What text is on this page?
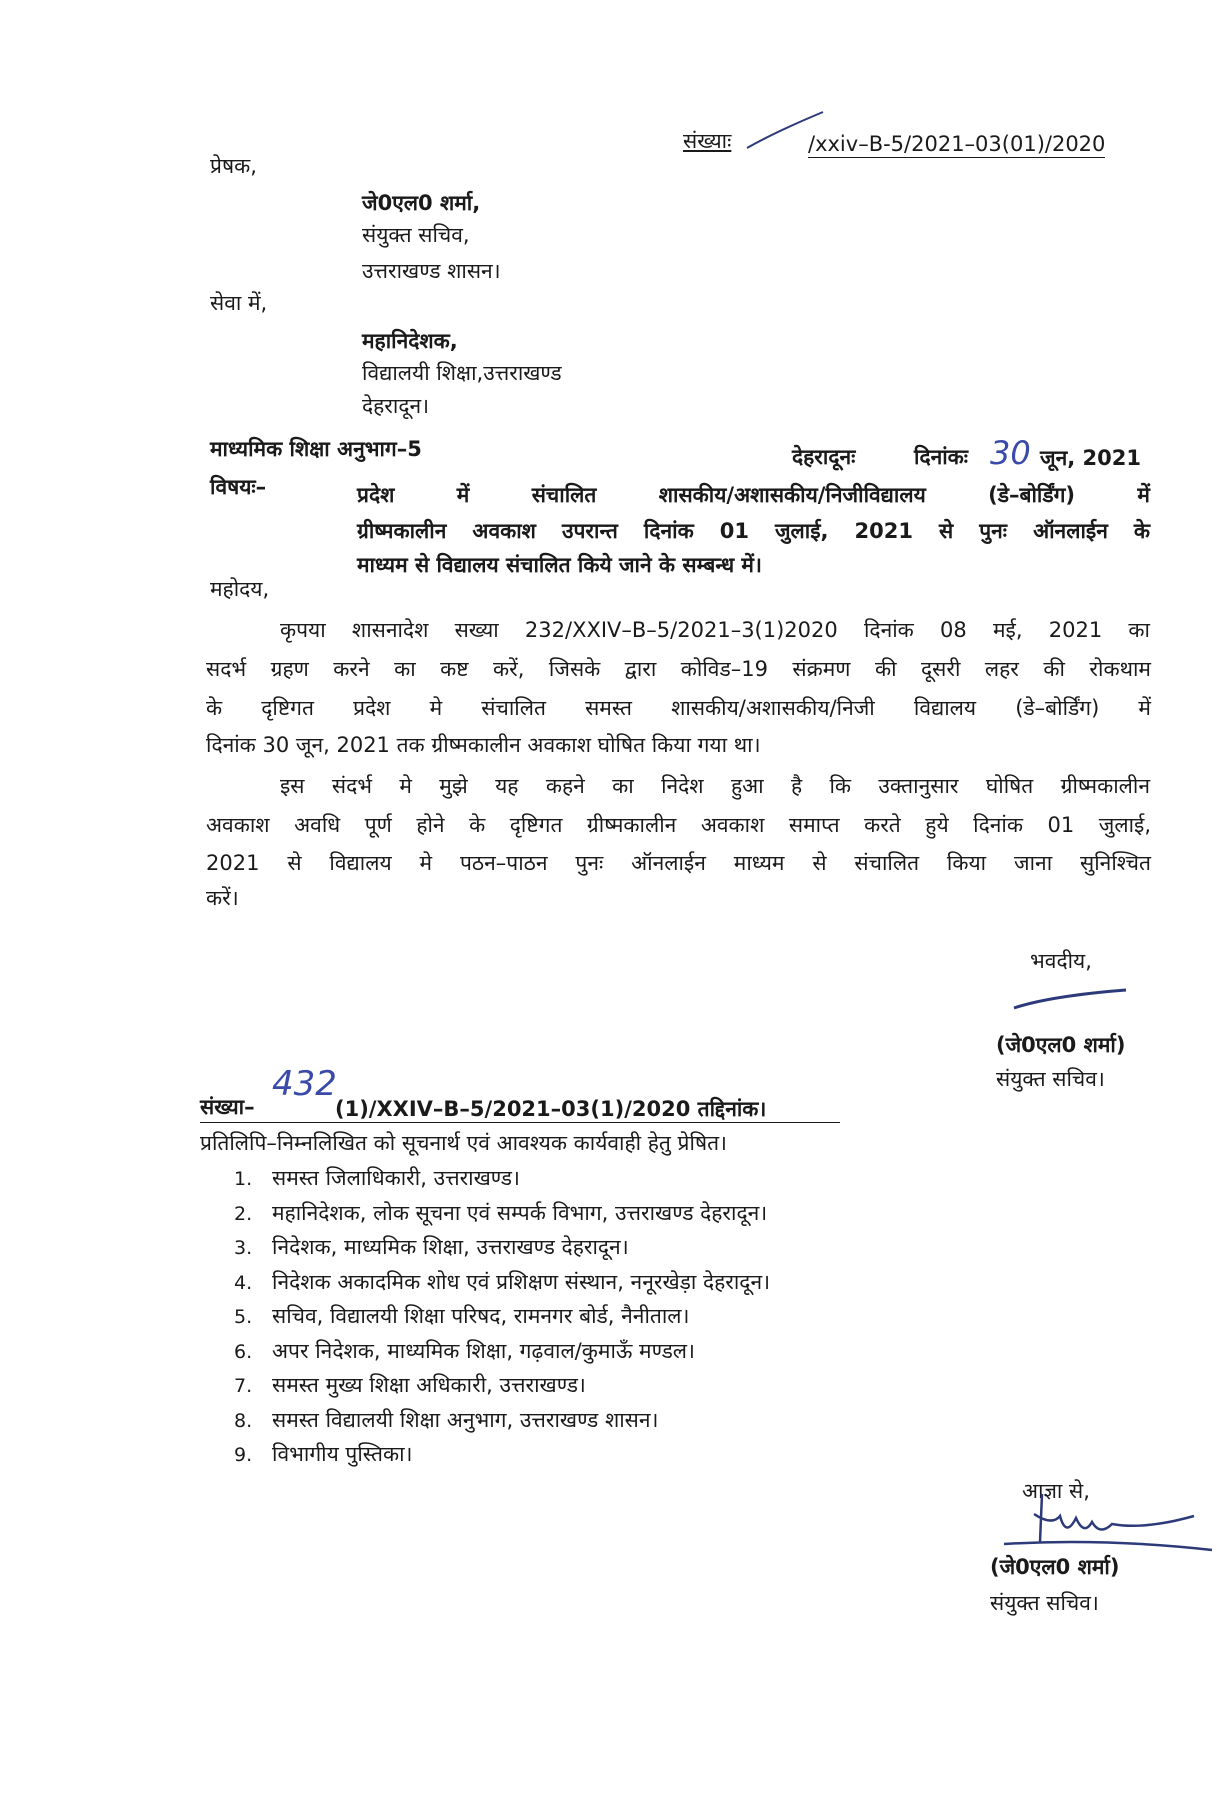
संख्याः	/xxiv–B-5/2021–03(01)/2020
प्रेषक,
जे0एल0 शर्मा,
संयुक्त सचिव,
उत्तराखण्ड शासन।
सेवा में,
महानिदेशक,
विद्यालयी शिक्षा,उत्तराखण्ड
देहरादून।
माध्यमिक शिक्षा अनुभाग–5	देहरादूनः	दिनांकः 30 जून, 2021
विषयः–	प्रदेश में संचालित शासकीय/अशासकीय/निजीविद्यालय (डे–बोर्डिंग) में
ग्रीष्मकालीन अवकाश उपरान्त दिनांक 01 जुलाई, 2021 से पुनः ऑनलाईन के
माध्यम से विद्यालय संचालित किये जाने के सम्बन्ध में।
महोदय,
कृपया शासनादेश सख्या 232/XXIV–B–5/2021–3(1)2020 दिनांक 08 मई, 2021 का
सदर्भ ग्रहण करने का कष्ट करें, जिसके द्वारा कोविड–19 संक्रमण की दूसरी लहर की रोकथाम
के दृष्टिगत प्रदेश मे संचालित समस्त शासकीय/अशासकीय/निजी विद्यालय (डे–बोर्डिंग) में
दिनांक 30 जून, 2021 तक ग्रीष्मकालीन अवकाश घोषित किया गया था।
इस संदर्भ मे मुझे यह कहने का निदेश हुआ है कि उक्तानुसार घोषित ग्रीष्मकालीन
अवकाश अवधि पूर्ण होने के दृष्टिगत ग्रीष्मकालीन अवकाश समाप्त करते हुये दिनांक 01 जुलाई,
2021 से विद्यालय मे पठन–पाठन पुनः ऑनलाईन माध्यम से संचालित किया जाना सुनिश्चित
करें।
भवदीय,
(जे0एल0 शर्मा)
संयुक्त सचिव।
संख्या–
432
(1)/XXIV–B–5/2021–03(1)/2020 तद्दिनांक।
प्रतिलिपि–निम्नलिखित को सूचनार्थ एवं आवश्यक कार्यवाही हेतु प्रेषित।
1. समस्त जिलाधिकारी, उत्तराखण्ड।
2. महानिदेशक, लोक सूचना एवं सम्पर्क विभाग, उत्तराखण्ड देहरादून।
3. निदेशक, माध्यमिक शिक्षा, उत्तराखण्ड देहरादून।
4. निदेशक अकादमिक शोध एवं प्रशिक्षण संस्थान, ननूरखेड़ा देहरादून।
5. सचिव, विद्यालयी शिक्षा परिषद, रामनगर बोर्ड, नैनीताल।
6. अपर निदेशक, माध्यमिक शिक्षा, गढ़वाल/कुमाऊँ मण्डल।
7. समस्त मुख्य शिक्षा अधिकारी, उत्तराखण्ड।
8. समस्त विद्यालयी शिक्षा अनुभाग, उत्तराखण्ड शासन।
9. विभागीय पुस्तिका।
आज्ञा से,
(जे0एल0 शर्मा)
संयुक्त सचिव।
